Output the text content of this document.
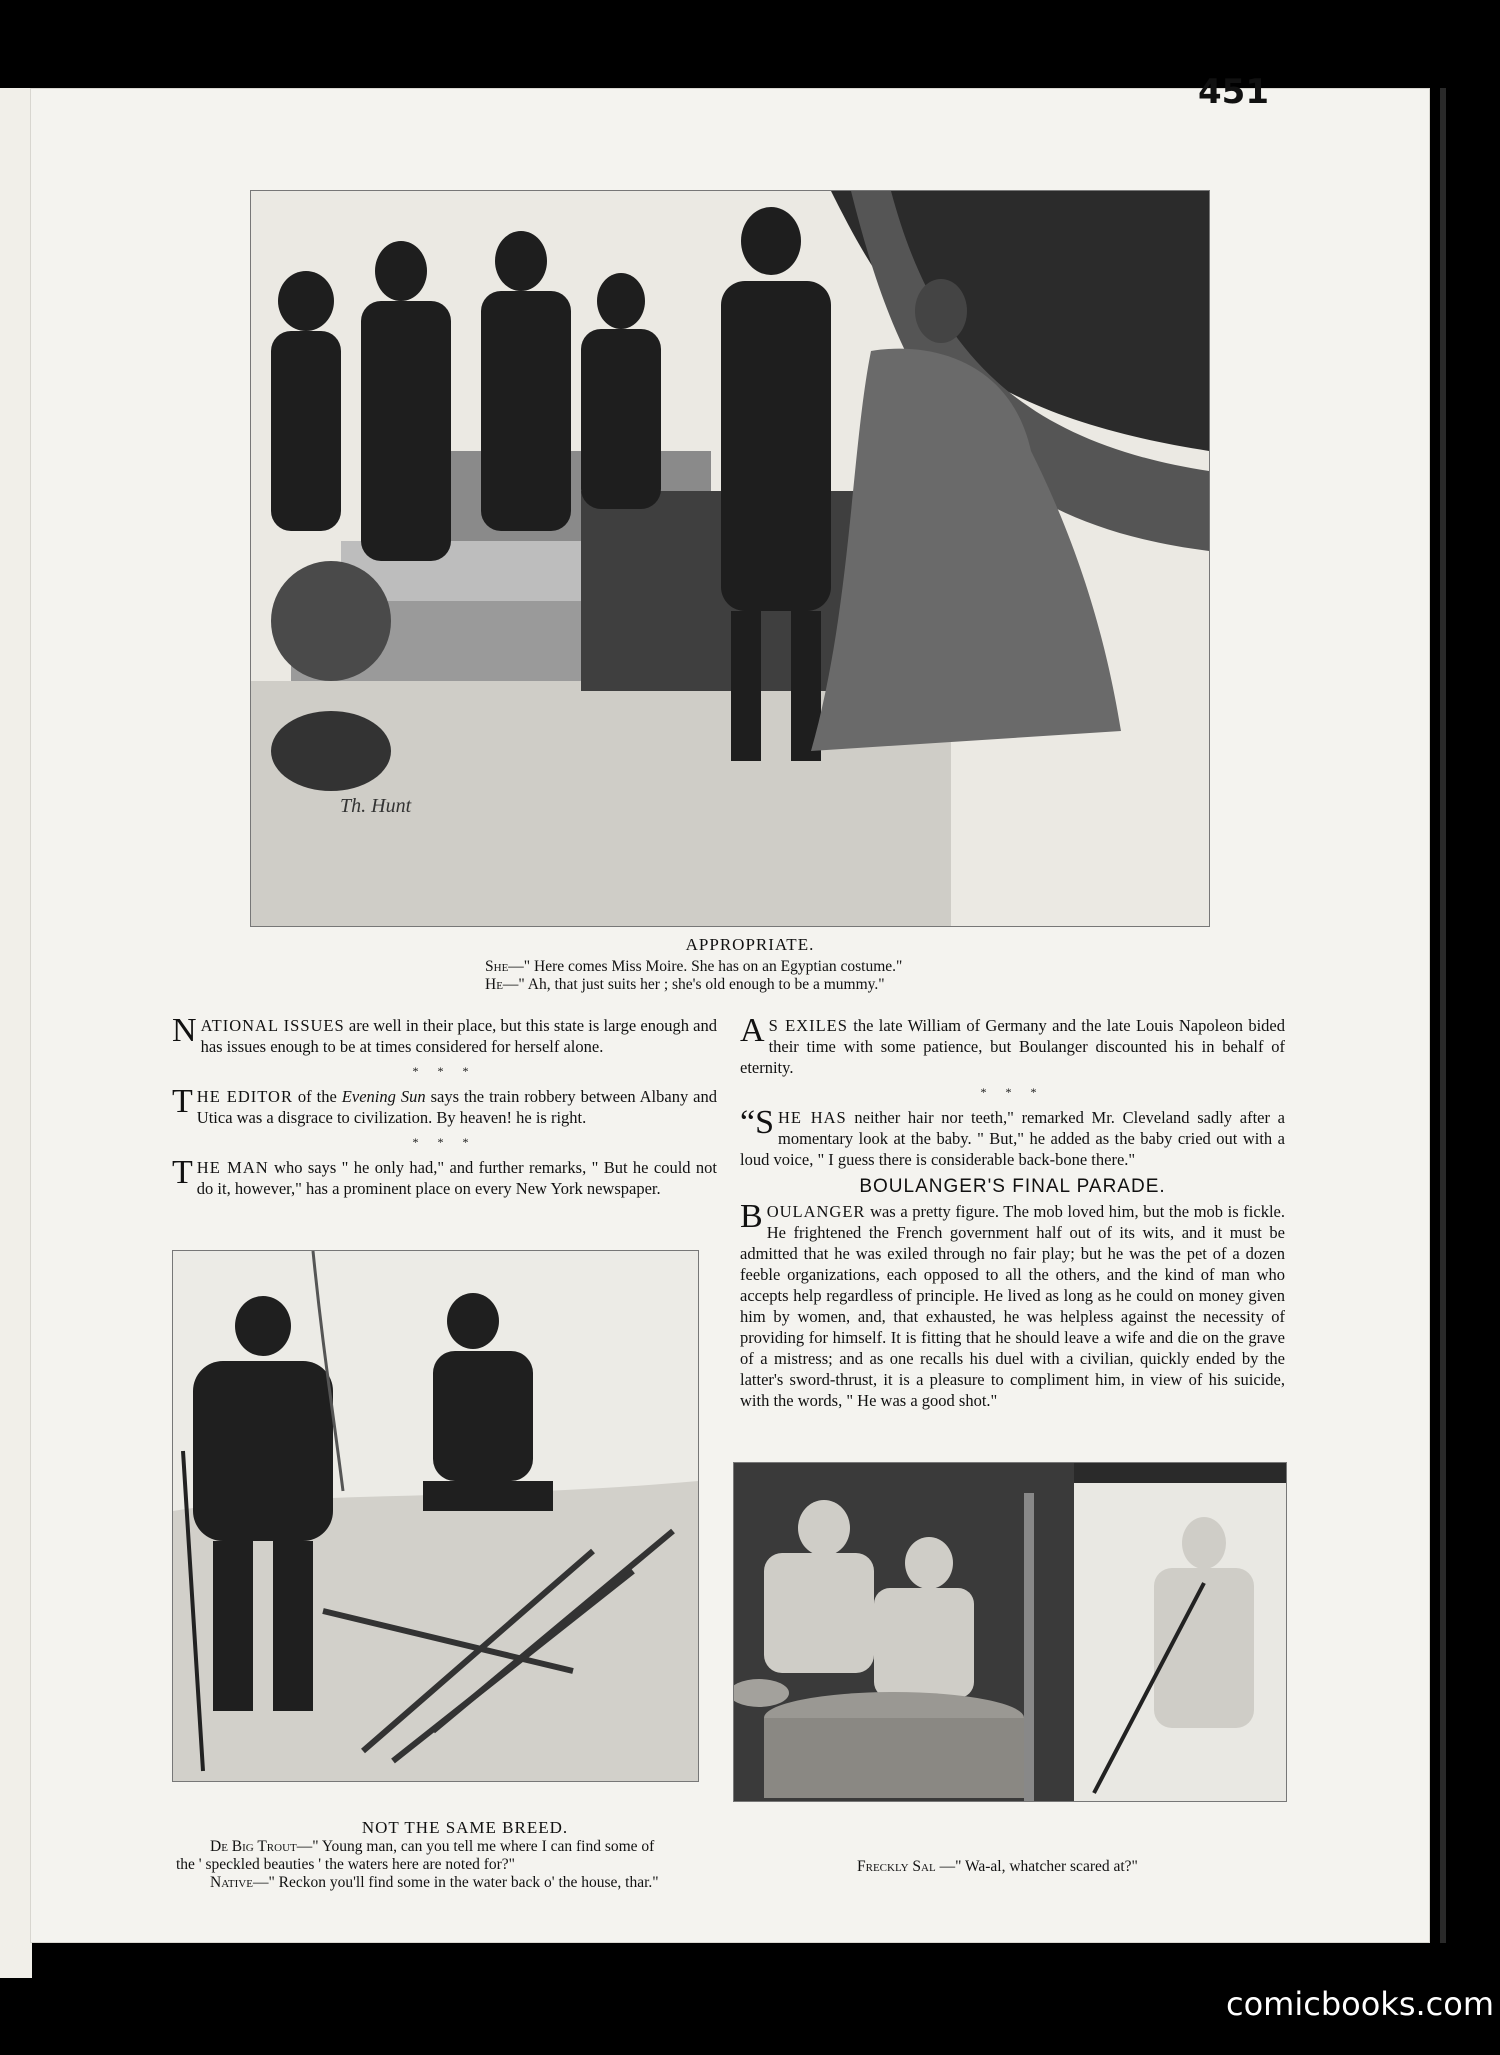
451
Th. Hunt
APPROPRIATE.
She—" Here comes Miss Moire. She has on an Egyptian costume."
He—" Ah, that just suits her ; she's old enough to be a mummy."

NATIONAL ISSUES are well in their place, but this state is large enough and has issues enough to be at times considered for herself alone.

* * *

THE EDITOR of the Evening Sun says the train robbery between Albany and Utica was a disgrace to civilization. By heaven! he is right.

* * *

THE MAN who says " he only had," and further remarks, " But he could not do it, however," has a prominent place on every New York newspaper.

A S EXILES the late William of Germany and the late Louis Napoleon bided their time with some patience, but Boulanger discounted his in behalf of eternity.

* * *

“SHE HAS neither hair nor teeth," remarked Mr. Cleveland sadly after a momentary look at the baby. " But," he added as the baby cried out with a loud voice, " I guess there is considerable back-bone there."

BOULANGER'S FINAL PARADE.

BOULANGER was a pretty figure. The mob loved him, but the mob is fickle. He frightened the French government half out of its wits, and it must be admitted that he was exiled through no fair play; but he was the pet of a dozen feeble organizations, each opposed to all the others, and the kind of man who accepts help regardless of principle. He lived as long as he could on money given him by women, and, that exhausted, he was helpless against the necessity of providing for himself. It is fitting that he should leave a wife and die on the grave of a mistress; and as one recalls his duel with a civilian, quickly ended by the latter's sword-thrust, it is a pleasure to compliment him, in view of his suicide, with the words, " He was a good shot."

NOT THE SAME BREED.
De Big Trout—" Young man, can you tell me where I can find some of
the ' speckled beauties ' the waters here are noted for?"
Native—" Reckon you'll find some in the water back o' the house, thar."
Freckly Sal —" Wa-al, whatcher scared at?"
comicbooks.com
